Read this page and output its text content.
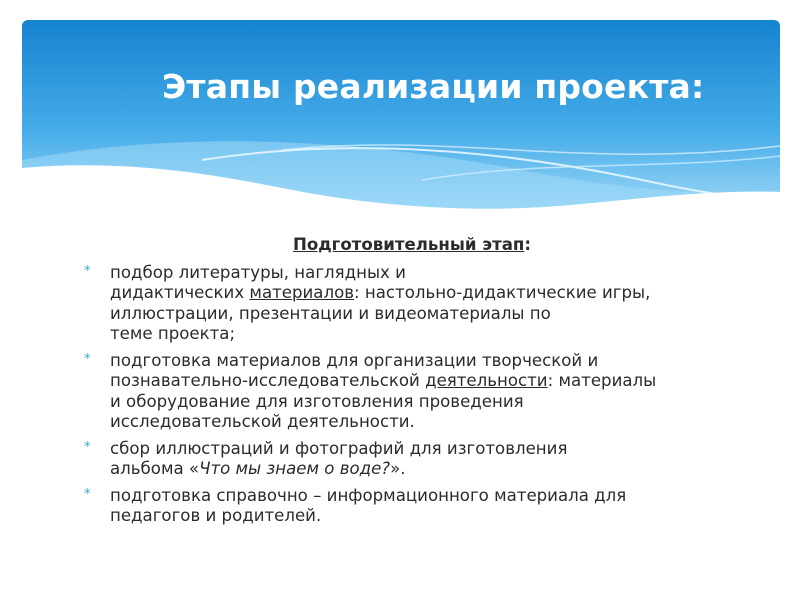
Этапы реализации проекта:
Подготовительный этап:
* подбор литературы, наглядных и
дидактических материалов: настольно-дидактические игры,
иллюстрации, презентации и видеоматериалы по
теме проекта;
* подготовка материалов для организации творческой и
познавательно-исследовательской деятельности: материалы
и оборудование для изготовления проведения
исследовательской деятельности.
* сбор иллюстраций и фотографий для изготовления
альбома «Что мы знаем о воде?».
* подготовка справочно – информационного материала для
педагогов и родителей.
